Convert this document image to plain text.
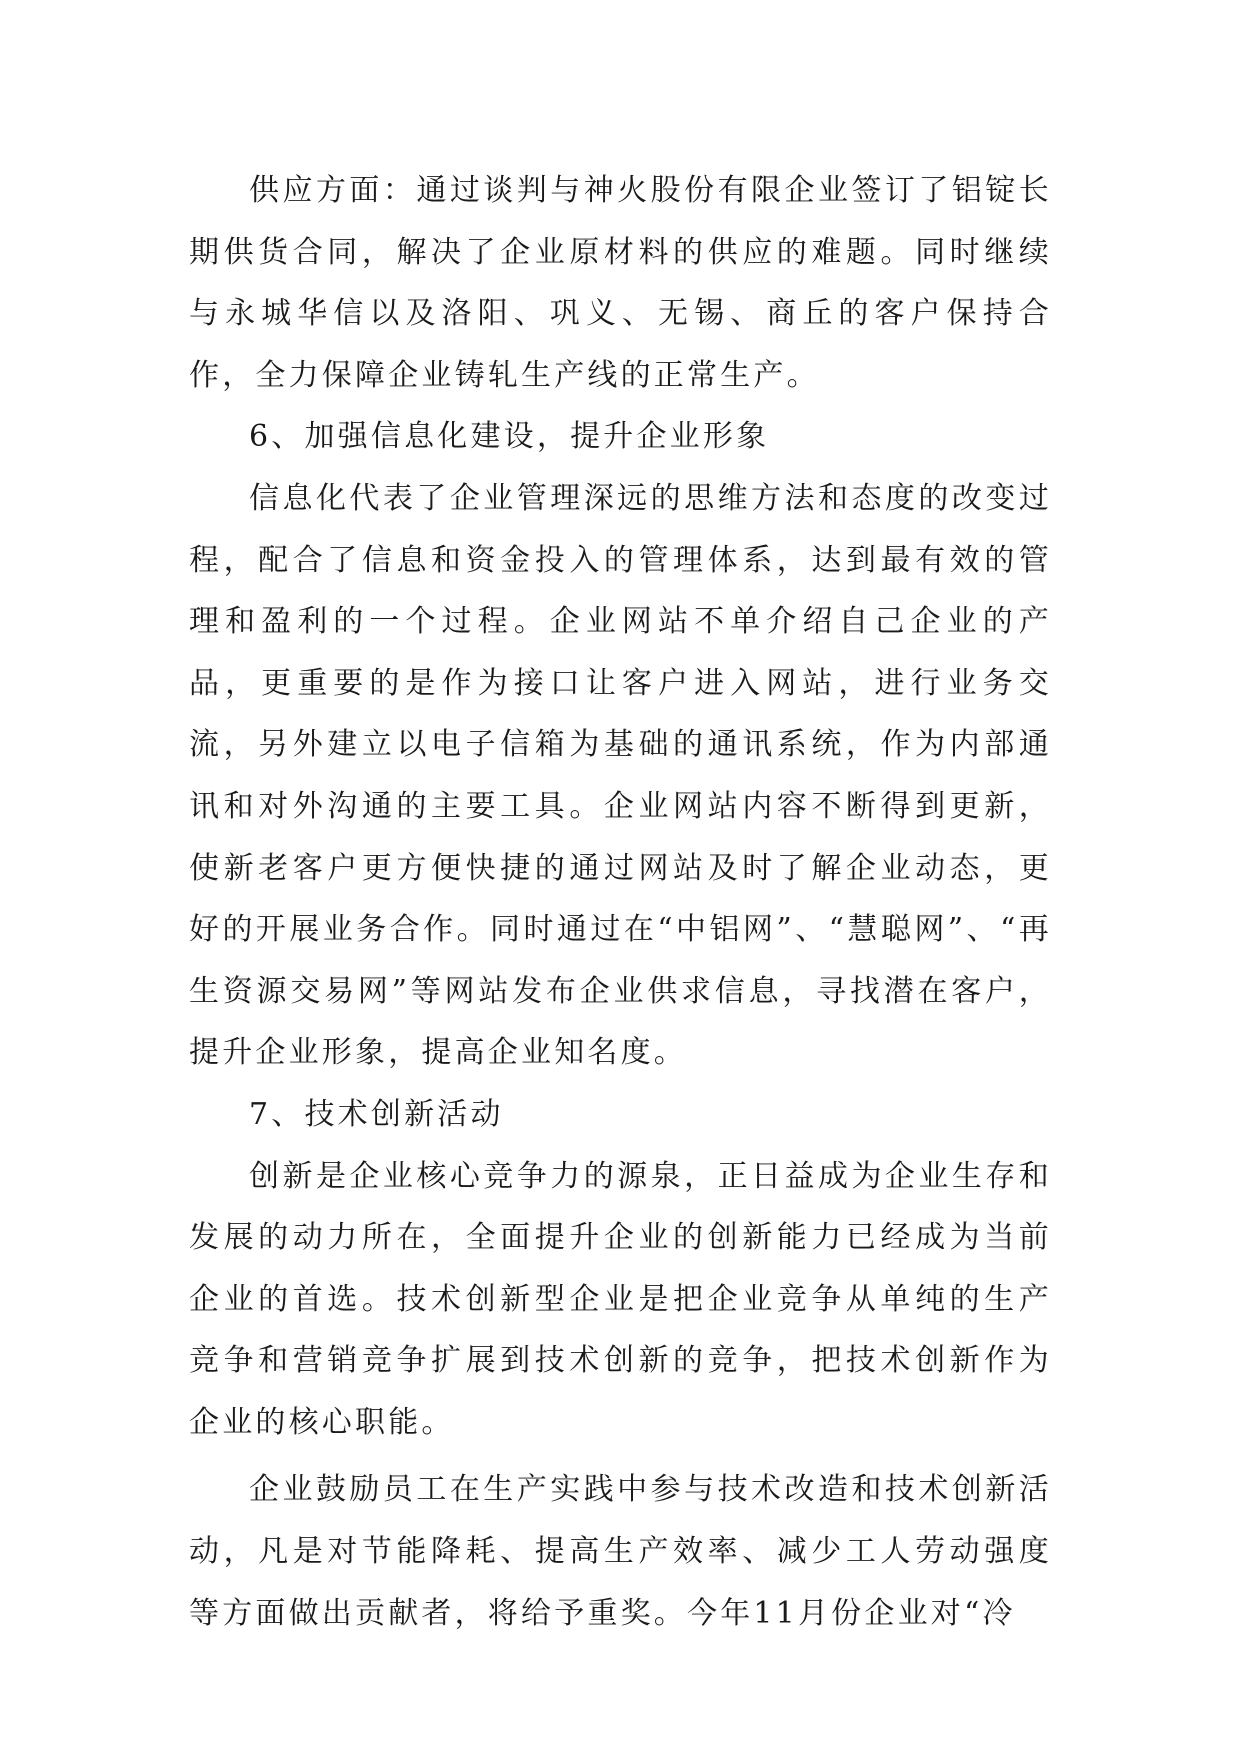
供应方面：通过谈判与神火股份有限企业签订了铝锭长期供货合同，解决了企业原材料的供应的难题。同时继续与永城华信以及洛阳、巩义、无锡、商丘的客户保持合作，全力保障企业铸轧生产线的正常生产。

6、加强信息化建设，提升企业形象

信息化代表了企业管理深远的思维方法和态度的改变过程，配合了信息和资金投入的管理体系，达到最有效的管理和盈利的一个过程。企业网站不单介绍自己企业的产品，更重要的是作为接口让客户进入网站，进行业务交流，另外建立以电子信箱为基础的通讯系统，作为内部通讯和对外沟通的主要工具。企业网站内容不断得到更新，使新老客户更方便快捷的通过网站及时了解企业动态，更好的开展业务合作。同时通过在“中铝网”、“慧聪网”、“再生资源交易网”等网站发布企业供求信息，寻找潜在客户，提升企业形象，提高企业知名度。

7、技术创新活动

创新是企业核心竞争力的源泉，正日益成为企业生存和发展的动力所在，全面提升企业的创新能力已经成为当前企业的首选。技术创新型企业是把企业竞争从单纯的生产竞争和营销竞争扩展到技术创新的竞争，把技术创新作为企业的核心职能。

企业鼓励员工在生产实践中参与技术改造和技术创新活动，凡是对节能降耗、提高生产效率、减少工人劳动强度等方面做出贡献者，将给予重奖。今年11月份企业对“冷
